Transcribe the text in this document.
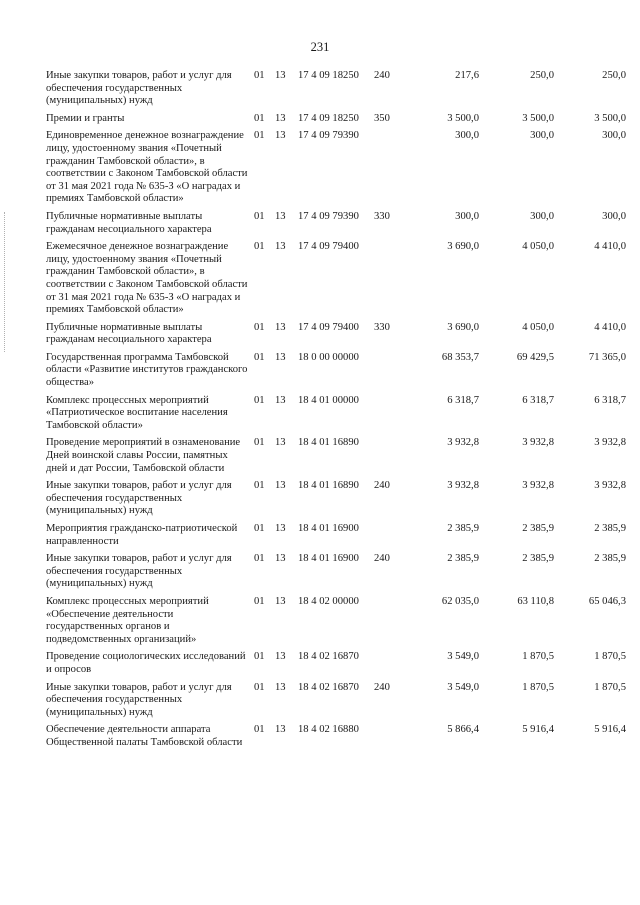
231
Иные закупки товаров, работ и услуг для обеспечения государственных (муниципальных) нужд	01	13	17 4 09 18250	240	217,6	250,0	250,0
Премии и гранты	01	13	17 4 09 18250	350	3 500,0	3 500,0	3 500,0
Единовременное денежное вознаграждение лицу, удостоенному звания «Почетный гражданин Тамбовской области», в соответствии с Законом Тамбовской области от 31 мая 2021 года № 635-З «О наградах и премиях Тамбовской области»	01	13	17 4 09 79390		300,0	300,0	300,0
Публичные нормативные выплаты гражданам несоциального характера	01	13	17 4 09 79390	330	300,0	300,0	300,0
Ежемесячное денежное вознаграждение лицу, удостоенному звания «Почетный гражданин Тамбовской области», в соответствии с Законом Тамбовской области от 31 мая 2021 года № 635-З «О наградах и премиях Тамбовской области»	01	13	17 4 09 79400		3 690,0	4 050,0	4 410,0
Публичные нормативные выплаты гражданам несоциального характера	01	13	17 4 09 79400	330	3 690,0	4 050,0	4 410,0
Государственная программа Тамбовской области «Развитие институтов гражданского общества»	01	13	18 0 00 00000		68 353,7	69 429,5	71 365,0
Комплекс процессных мероприятий «Патриотическое воспитание населения Тамбовской области»	01	13	18 4 01 00000		6 318,7	6 318,7	6 318,7
Проведение мероприятий в ознаменование Дней воинской славы России, памятных дней и дат России, Тамбовской области	01	13	18 4 01 16890		3 932,8	3 932,8	3 932,8
Иные закупки товаров, работ и услуг для обеспечения государственных (муниципальных) нужд	01	13	18 4 01 16890	240	3 932,8	3 932,8	3 932,8
Мероприятия гражданско-патриотической направленности	01	13	18 4 01 16900		2 385,9	2 385,9	2 385,9
Иные закупки товаров, работ и услуг для обеспечения государственных (муниципальных) нужд	01	13	18 4 01 16900	240	2 385,9	2 385,9	2 385,9
Комплекс процессных мероприятий «Обеспечение деятельности государственных органов и подведомственных организаций»	01	13	18 4 02 00000		62 035,0	63 110,8	65 046,3
Проведение социологических исследований и опросов	01	13	18 4 02 16870		3 549,0	1 870,5	1 870,5
Иные закупки товаров, работ и услуг для обеспечения государственных (муниципальных) нужд	01	13	18 4 02 16870	240	3 549,0	1 870,5	1 870,5
Обеспечение деятельности аппарата Общественной палаты Тамбовской области	01	13	18 4 02 16880		5 866,4	5 916,4	5 916,4
